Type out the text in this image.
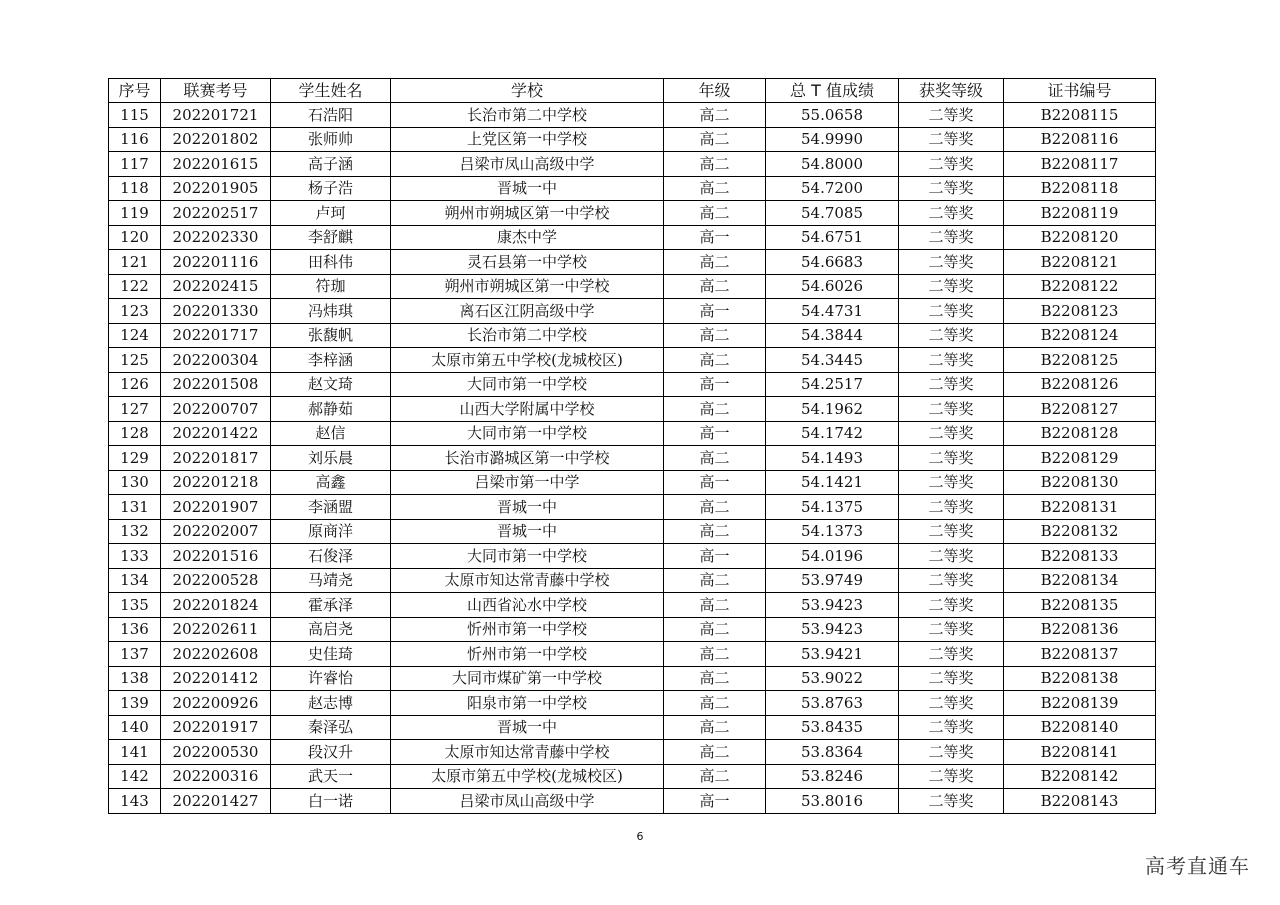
序号	联赛考号	学生姓名	学校	年级	总 T 值成绩	获奖等级	证书编号
115	202201721	石浩阳	长治市第二中学校	高二	55.0658	二等奖	B2208115
116	202201802	张师帅	上党区第一中学校	高二	54.9990	二等奖	B2208116
117	202201615	高子涵	吕梁市凤山高级中学	高二	54.8000	二等奖	B2208117
118	202201905	杨子浩	晋城一中	高二	54.7200	二等奖	B2208118
119	202202517	卢珂	朔州市朔城区第一中学校	高二	54.7085	二等奖	B2208119
120	202202330	李舒麒	康杰中学	高一	54.6751	二等奖	B2208120
121	202201116	田科伟	灵石县第一中学校	高二	54.6683	二等奖	B2208121
122	202202415	符珈	朔州市朔城区第一中学校	高二	54.6026	二等奖	B2208122
123	202201330	冯炜琪	离石区江阴高级中学	高一	54.4731	二等奖	B2208123
124	202201717	张馥帆	长治市第二中学校	高二	54.3844	二等奖	B2208124
125	202200304	李梓涵	太原市第五中学校(龙城校区)	高二	54.3445	二等奖	B2208125
126	202201508	赵文琦	大同市第一中学校	高一	54.2517	二等奖	B2208126
127	202200707	郝静茹	山西大学附属中学校	高二	54.1962	二等奖	B2208127
128	202201422	赵信	大同市第一中学校	高一	54.1742	二等奖	B2208128
129	202201817	刘乐晨	长治市潞城区第一中学校	高二	54.1493	二等奖	B2208129
130	202201218	高鑫	吕梁市第一中学	高一	54.1421	二等奖	B2208130
131	202201907	李涵盟	晋城一中	高二	54.1375	二等奖	B2208131
132	202202007	原商洋	晋城一中	高二	54.1373	二等奖	B2208132
133	202201516	石俊泽	大同市第一中学校	高一	54.0196	二等奖	B2208133
134	202200528	马靖尧	太原市知达常青藤中学校	高二	53.9749	二等奖	B2208134
135	202201824	霍承泽	山西省沁水中学校	高二	53.9423	二等奖	B2208135
136	202202611	高启尧	忻州市第一中学校	高二	53.9423	二等奖	B2208136
137	202202608	史佳琦	忻州市第一中学校	高二	53.9421	二等奖	B2208137
138	202201412	许睿怡	大同市煤矿第一中学校	高二	53.9022	二等奖	B2208138
139	202200926	赵志博	阳泉市第一中学校	高二	53.8763	二等奖	B2208139
140	202201917	秦泽弘	晋城一中	高二	53.8435	二等奖	B2208140
141	202200530	段汉升	太原市知达常青藤中学校	高二	53.8364	二等奖	B2208141
142	202200316	武天一	太原市第五中学校(龙城校区)	高二	53.8246	二等奖	B2208142
143	202201427	白一诺	吕梁市凤山高级中学	高一	53.8016	二等奖	B2208143
6
高考直通车
